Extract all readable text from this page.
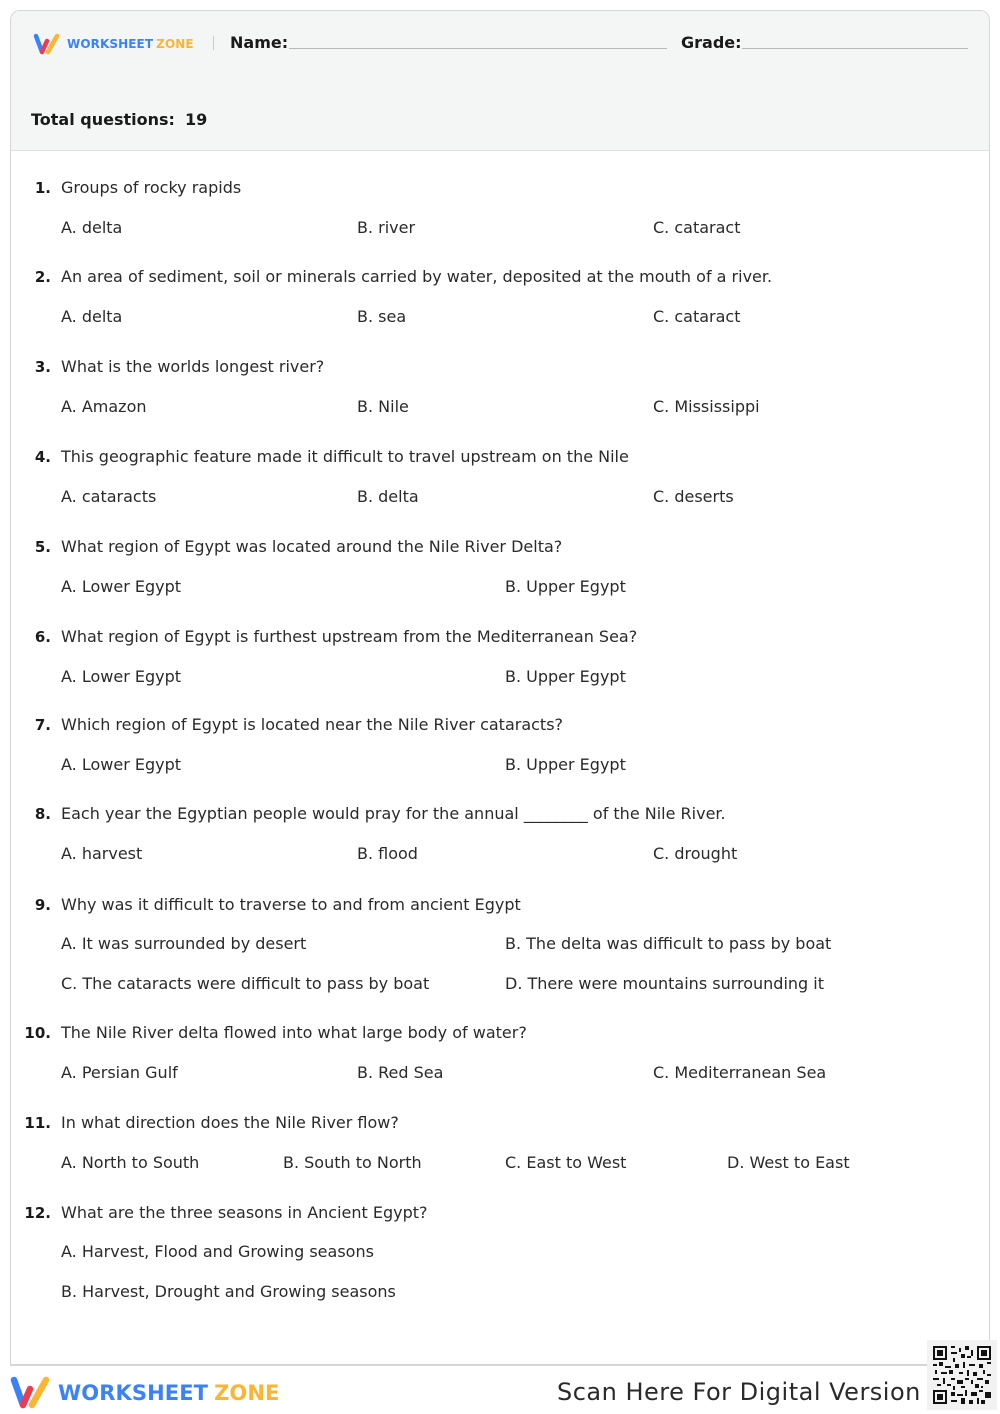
WORKSHEET ZONE Name:	Grade:
Total questions: 19
1. Groups of rocky rapids
A. delta	B. river	C. cataract
2. An area of sediment, soil or minerals carried by water, deposited at the mouth of a river.
A. delta	B. sea	C. cataract
3. What is the worlds longest river?
A. Amazon	B. Nile	C. Mississippi
4. This geographic feature made it difficult to travel upstream on the Nile
A. cataracts	B. delta	C. deserts
5. What region of Egypt was located around the Nile River Delta?
A. Lower Egypt	B. Upper Egypt
6. What region of Egypt is furthest upstream from the Mediterranean Sea?
A. Lower Egypt	B. Upper Egypt
7. Which region of Egypt is located near the Nile River cataracts?
A. Lower Egypt	B. Upper Egypt
8. Each year the Egyptian people would pray for the annual ________ of the Nile River.
A. harvest	B. flood	C. drought
9. Why was it difficult to traverse to and from ancient Egypt
A. It was surrounded by desert	B. The delta was difficult to pass by boat
C. The cataracts were difficult to pass by boat	D. There were mountains surrounding it
10. The Nile River delta flowed into what large body of water?
A. Persian Gulf	B. Red Sea	C. Mediterranean Sea
11. In what direction does the Nile River flow?
A. North to South	B. South to North	C. East to West	D. West to East
12. What are the three seasons in Ancient Egypt?
A. Harvest, Flood and Growing seasons
B. Harvest, Drought and Growing seasons
WORKSHEET ZONE	Scan Here For Digital Version
